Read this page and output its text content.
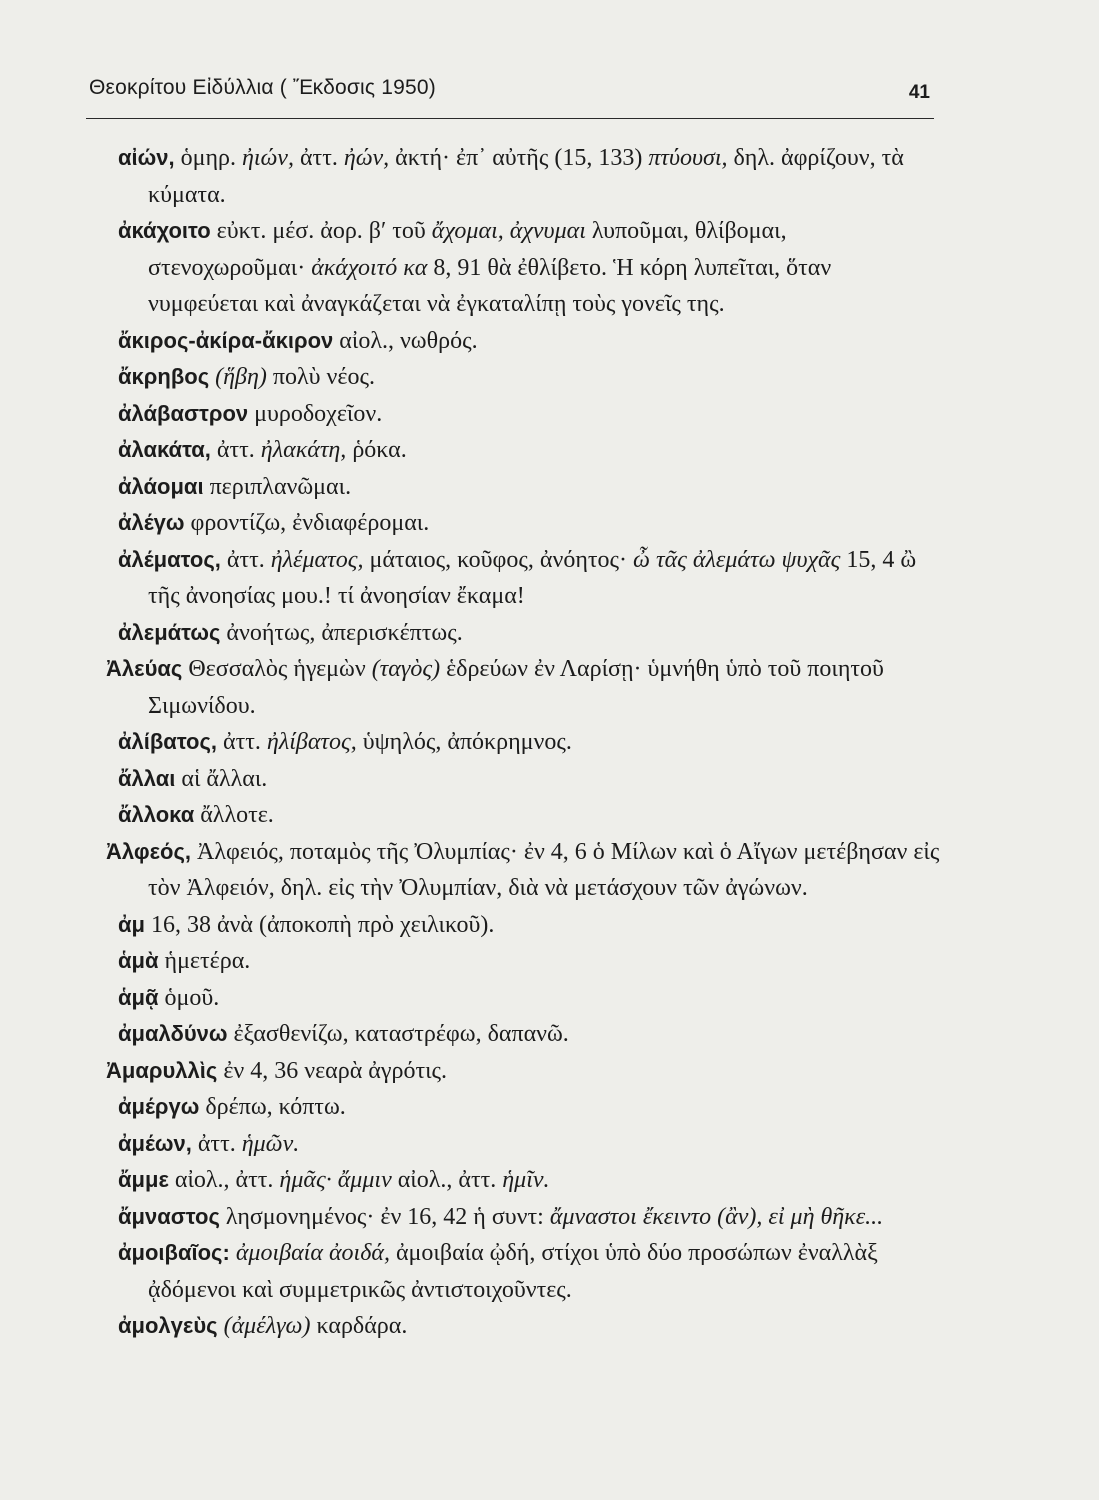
Θεοκρίτου Εἰδύλλια ( Ἔκδοσις 1950)	41

αἰών, ὁμηρ. ἠιών, ἀττ. ἠών, ἀκτή· ἐπ᾿ αὐτῆς (15, 133) πτύουσι, δηλ. ἀφρίζουν, τὰ κύματα.

ἀκάχοιτο εὐκτ. μέσ. ἀορ. β′ τοῦ ἄχομαι, ἀχνυμαι λυποῦμαι, θλίβομαι, στενοχωροῦμαι· ἀκάχοιτό κα 8, 91 θὰ ἐθλίβετο. Ἡ κόρη λυπεῖται, ὅταν νυμφεύεται καὶ ἀναγκάζεται νὰ ἐγκαταλίπῃ τοὺς γονεῖς της.

ἄκιρος-ἀκίρα-ἄκιρον αἰολ., νωθρός.

ἄκρηβος (ἥβη) πολὺ νέος.

ἀλάβαστρον μυροδοχεῖον.

ἀλακάτα, ἀττ. ἠλακάτη, ῥόκα.

ἀλάομαι περιπλανῶμαι.

ἀλέγω φροντίζω, ἐνδιαφέρομαι.

ἀλέματος, ἀττ. ἠλέματος, μάταιος, κοῦφος, ἀνόητος· ὦ τᾶς ἀλεμάτω ψυχᾶς 15, 4 ὢ τῆς ἀνοησίας μου.! τί ἀνοησίαν ἔκαμα!

ἀλεμάτως ἀνοήτως, ἀπερισκέπτως.

Ἀλεύας Θεσσαλὸς ἡγεμὼν (ταγὸς) ἑδρεύων ἐν Λαρίσῃ· ὑμνήθη ὑπὸ τοῦ ποιητοῦ Σιμωνίδου.

ἀλίβατος, ἀττ. ἠλίβατος, ὑψηλός, ἀπόκρημνος.

ἄλλαι αἱ ἄλλαι.

ἄλλοκα ἄλλοτε.

Ἀλφεός, Ἀλφειός, ποταμὸς τῆς Ὀλυμπίας· ἐν 4, 6 ὁ Μίλων καὶ ὁ Αἴγων μετέβησαν εἰς τὸν Ἀλφειόν, δηλ. εἰς τὴν Ὀλυμπίαν, διὰ νὰ μετάσχουν τῶν ἀγώνων.

ἀμ 16, 38 ἀνὰ (ἀποκοπὴ πρὸ χειλικοῦ).

ἁμὰ ἡμετέρα.

ἁμᾷ ὁμοῦ.

ἀμαλδύνω ἐξασθενίζω, καταστρέφω, δαπανῶ.

Ἀμαρυλλὶς ἐν 4, 36 νεαρὰ ἀγρότις.

ἀμέργω δρέπω, κόπτω.

ἀμέων, ἀττ. ἡμῶν.

ἄμμε αἰολ., ἀττ. ἡμᾶς· ἄμμιν αἰολ., ἀττ. ἡμῖν.

ἄμναστος λησμονημένος· ἐν 16, 42 ἡ συντ: ἄμναστοι ἔκειντο (ἂν), εἰ μὴ θῆκε...

ἀμοιβαῖος: ἀμοιβαία ἀοιδά, ἀμοιβαία ᾠδή, στίχοι ὑπὸ δύο προσώπων ἐναλλὰξ ᾀδόμενοι καὶ συμμετρικῶς ἀντιστοιχοῦντες.

ἀμολγεὺς (ἀμέλγω) καρδάρα.
